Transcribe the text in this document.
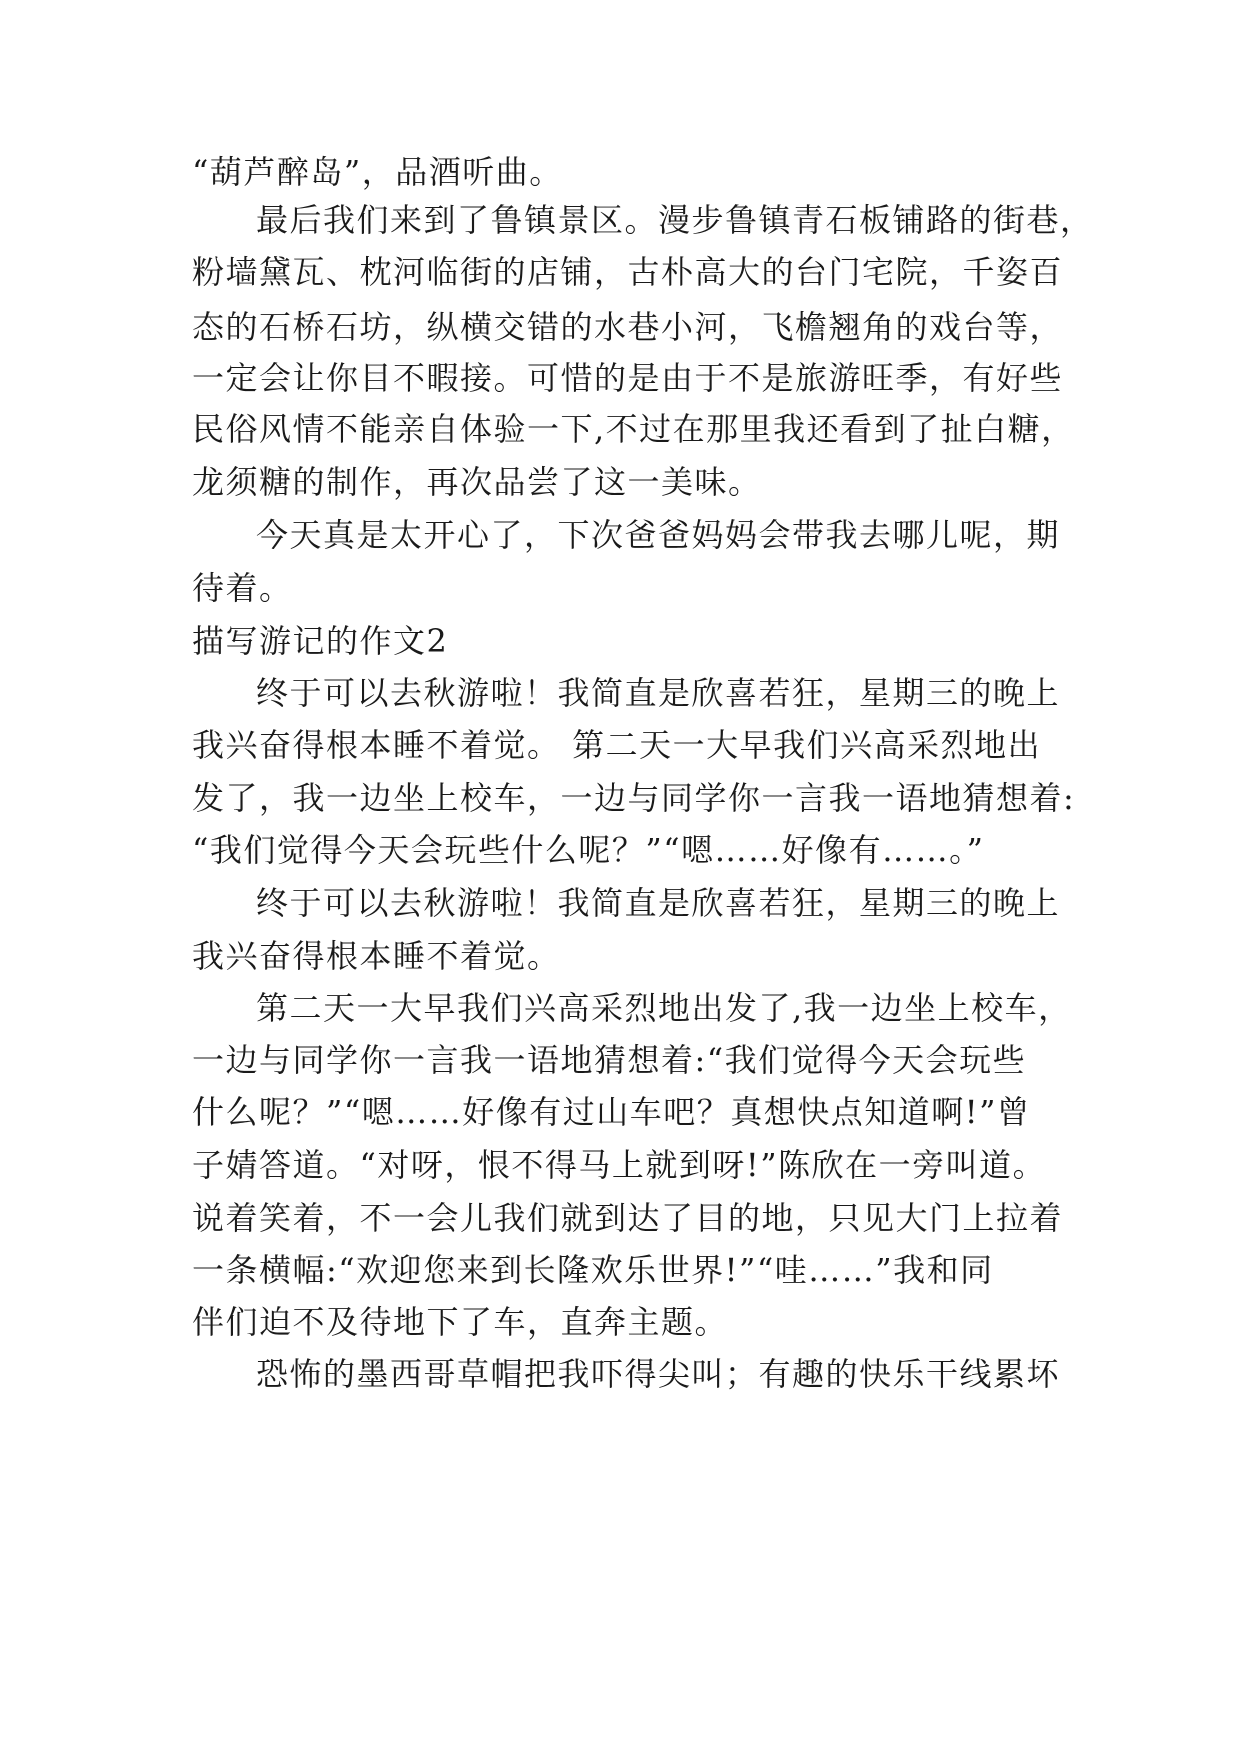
“葫芦醉岛”，品酒听曲。
最后我们来到了鲁镇景区。漫步鲁镇青石板铺路的街巷，
粉墙黛瓦、枕河临街的店铺，古朴高大的台门宅院，千姿百
态的石桥石坊，纵横交错的水巷小河，飞檐翘角的戏台等，
一定会让你目不暇接。可惜的是由于不是旅游旺季，有好些
民俗风情不能亲自体验一下,不过在那里我还看到了扯白糖，
龙须糖的制作，再次品尝了这一美味。
今天真是太开心了，下次爸爸妈妈会带我去哪儿呢，期
待着。
描写游记的作文2
终于可以去秋游啦！我简直是欣喜若狂，星期三的晚上
我兴奋得根本睡不着觉。 第二天一大早我们兴高采烈地出
发了，我一边坐上校车，一边与同学你一言我一语地猜想着:
“我们觉得今天会玩些什么呢？”“嗯……好像有……。”
终于可以去秋游啦！我简直是欣喜若狂，星期三的晚上
我兴奋得根本睡不着觉。
第二天一大早我们兴高采烈地出发了,我一边坐上校车，
一边与同学你一言我一语地猜想着:“我们觉得今天会玩些
什么呢？”“嗯……好像有过山车吧？真想快点知道啊!”曾
子婧答道。“对呀，恨不得马上就到呀!”陈欣在一旁叫道。
说着笑着，不一会儿我们就到达了目的地，只见大门上拉着
一条横幅:“欢迎您来到长隆欢乐世界!”“哇……”我和同
伴们迫不及待地下了车，直奔主题。
恐怖的墨西哥草帽把我吓得尖叫；有趣的快乐干线累坏
